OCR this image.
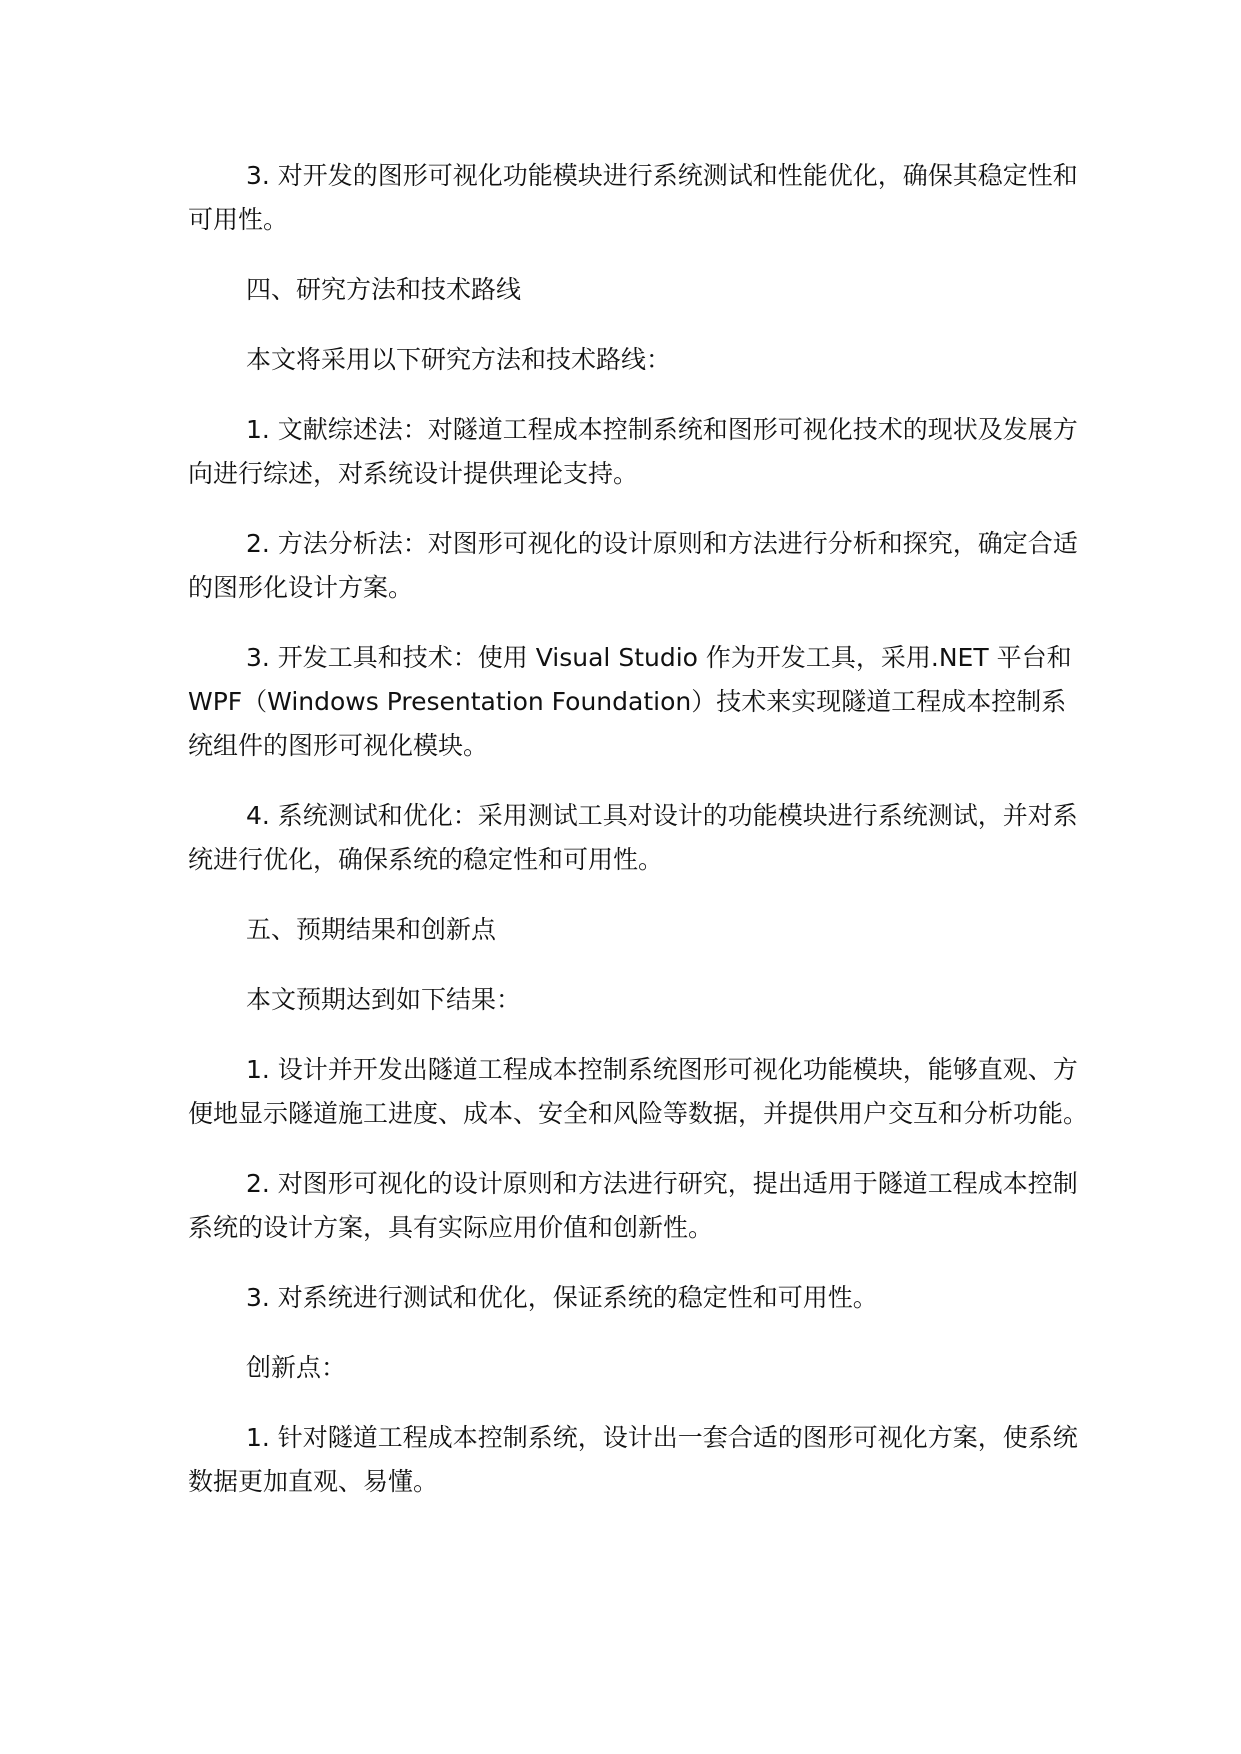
3. 对开发的图形可视化功能模块进行系统测试和性能优化，确保其稳定性和可用性。

四、研究方法和技术路线

本文将采用以下研究方法和技术路线：

1. 文献综述法：对隧道工程成本控制系统和图形可视化技术的现状及发展方向进行综述，对系统设计提供理论支持。

2. 方法分析法：对图形可视化的设计原则和方法进行分析和探究，确定合适的图形化设计方案。

3. 开发工具和技术：使用 Visual Studio 作为开发工具，采用.NET 平台和 WPF（Windows Presentation Foundation）技术来实现隧道工程成本控制系统组件的图形可视化模块。

4. 系统测试和优化：采用测试工具对设计的功能模块进行系统测试，并对系统进行优化，确保系统的稳定性和可用性。

五、预期结果和创新点

本文预期达到如下结果：

1. 设计并开发出隧道工程成本控制系统图形可视化功能模块，能够直观、方便地显示隧道施工进度、成本、安全和风险等数据，并提供用户交互和分析功能。

2. 对图形可视化的设计原则和方法进行研究，提出适用于隧道工程成本控制系统的设计方案，具有实际应用价值和创新性。

3. 对系统进行测试和优化，保证系统的稳定性和可用性。

创新点：

1. 针对隧道工程成本控制系统，设计出一套合适的图形可视化方案，使系统数据更加直观、易懂。
